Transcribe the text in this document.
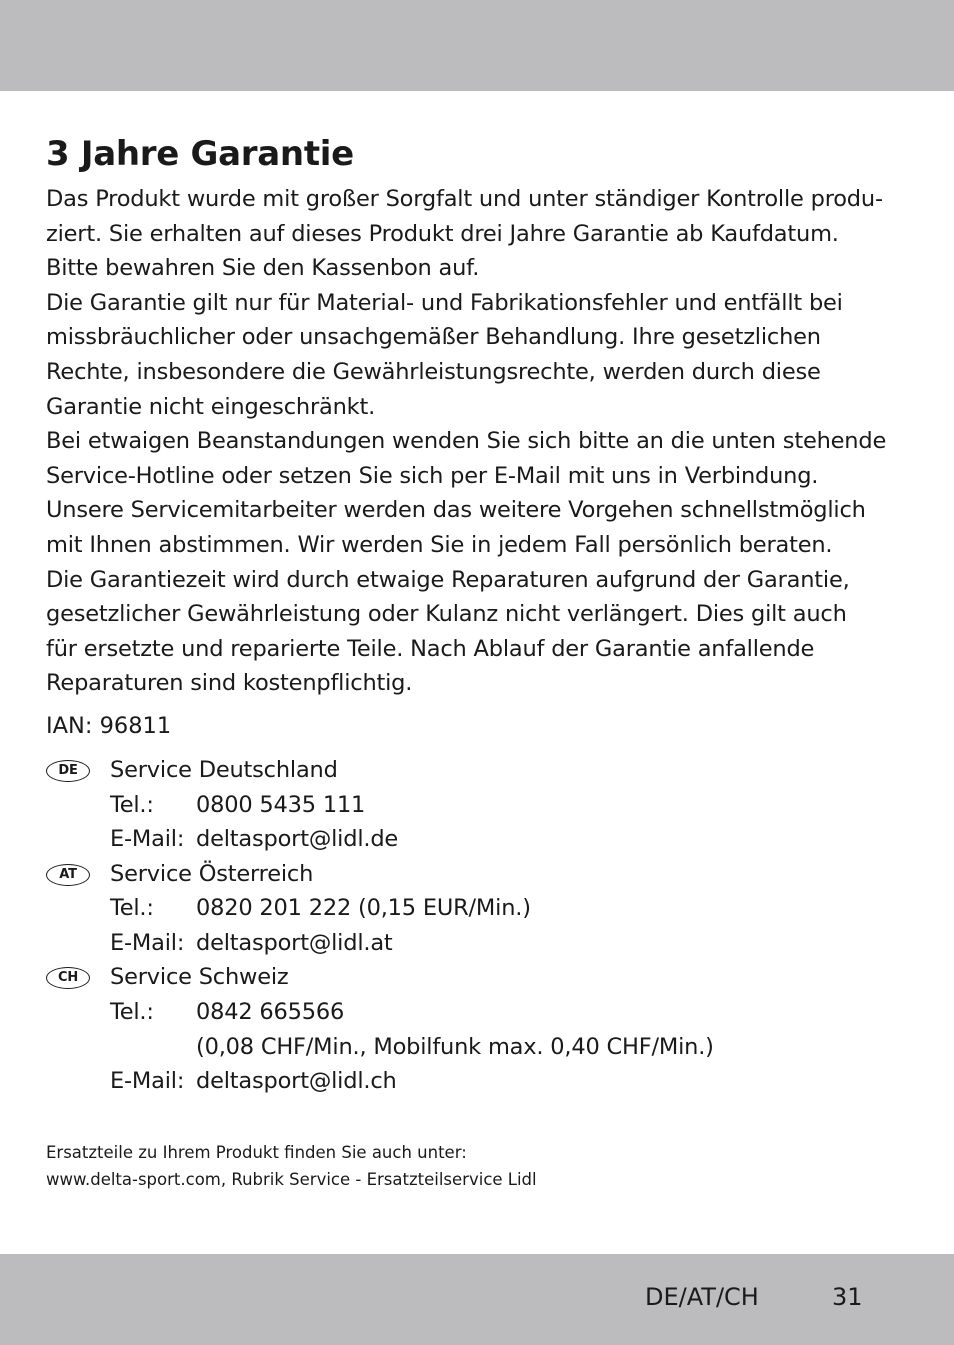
3 Jahre Garantie

Das Produkt wurde mit großer Sorgfalt und unter ständiger Kontrolle produ-
ziert. Sie erhalten auf dieses Produkt drei Jahre Garantie ab Kaufdatum.
Bitte bewahren Sie den Kassenbon auf.

Die Garantie gilt nur für Material- und Fabrikationsfehler und entfällt bei
missbräuchlicher oder unsachgemäßer Behandlung. Ihre gesetzlichen
Rechte, insbesondere die Gewährleistungsrechte, werden durch diese
Garantie nicht eingeschränkt.

Bei etwaigen Beanstandungen wenden Sie sich bitte an die unten stehende
Service-Hotline oder setzen Sie sich per E-Mail mit uns in Verbindung.
Unsere Servicemitarbeiter werden das weitere Vorgehen schnellstmöglich
mit Ihnen abstimmen. Wir werden Sie in jedem Fall persönlich beraten.

Die Garantiezeit wird durch etwaige Reparaturen aufgrund der Garantie,
gesetzlicher Gewährleistung oder Kulanz nicht verlängert. Dies gilt auch
für ersetzte und reparierte Teile. Nach Ablauf der Garantie anfallende
Reparaturen sind kostenpflichtig.

IAN: 96811
DE	Service Deutschland
Tel.: 0800 5435 111
E-Mail: deltasport@lidl.de
AT	Service Österreich
Tel.: 0820 201 222 (0,15 EUR/Min.)
E-Mail: deltasport@lidl.at
CH	Service Schweiz
Tel.: 0842 665566
(0,08 CHF/Min., Mobilfunk max. 0,40 CHF/Min.)
E-Mail: deltasport@lidl.ch
Ersatzteile zu Ihrem Produkt finden Sie auch unter:
www.delta-sport.com, Rubrik Service - Ersatzteilservice Lidl
DE/AT/CH	31
